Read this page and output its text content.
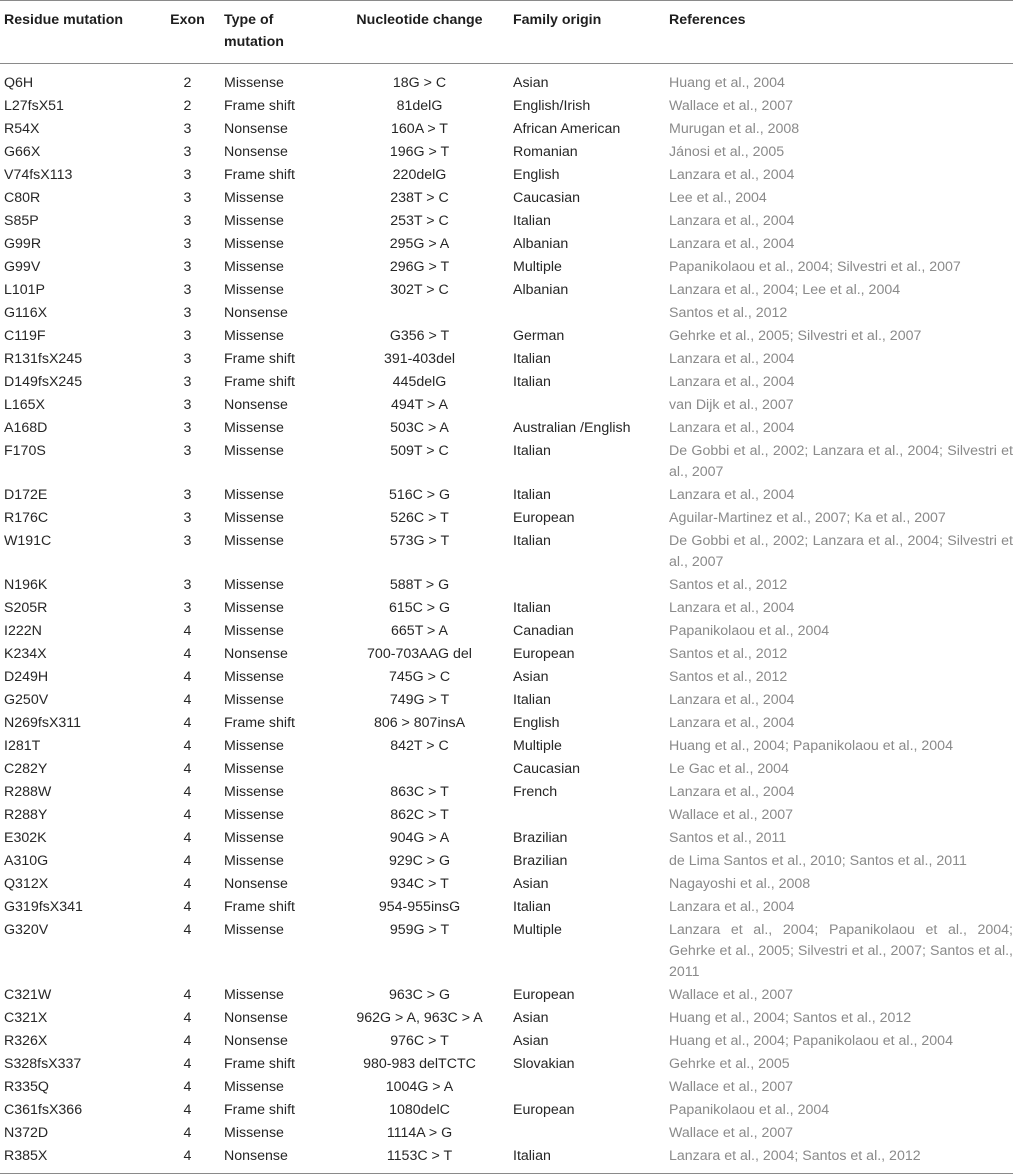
Residue mutation	Exon	Type of mutation	Nucleotide change	Family origin	References
Q6H	2	Missense	18G > C	Asian	Huang et al., 2004
L27fsX51	2	Frame shift	81delG	English/Irish	Wallace et al., 2007
R54X	3	Nonsense	160A > T	African American	Murugan et al., 2008
G66X	3	Nonsense	196G > T	Romanian	Jánosi et al., 2005
V74fsX113	3	Frame shift	220delG	English	Lanzara et al., 2004
C80R	3	Missense	238T > C	Caucasian	Lee et al., 2004
S85P	3	Missense	253T > C	Italian	Lanzara et al., 2004
G99R	3	Missense	295G > A	Albanian	Lanzara et al., 2004
G99V	3	Missense	296G > T	Multiple	Papanikolaou et al., 2004; Silvestri et al., 2007
L101P	3	Missense	302T > C	Albanian	Lanzara et al., 2004; Lee et al., 2004
G116X	3	Nonsense			Santos et al., 2012
C119F	3	Missense	G356 > T	German	Gehrke et al., 2005; Silvestri et al., 2007
R131fsX245	3	Frame shift	391-403del	Italian	Lanzara et al., 2004
D149fsX245	3	Frame shift	445delG	Italian	Lanzara et al., 2004
L165X	3	Nonsense	494T > A		van Dijk et al., 2007
A168D	3	Missense	503C > A	Australian /English	Lanzara et al., 2004
F170S	3	Missense	509T > C	Italian	De Gobbi et al., 2002; Lanzara et al., 2004; Silvestri et al., 2007
D172E	3	Missense	516C > G	Italian	Lanzara et al., 2004
R176C	3	Missense	526C > T	European	Aguilar-Martinez et al., 2007; Ka et al., 2007
W191C	3	Missense	573G > T	Italian	De Gobbi et al., 2002; Lanzara et al., 2004; Silvestri et al., 2007
N196K	3	Missense	588T > G		Santos et al., 2012
S205R	3	Missense	615C > G	Italian	Lanzara et al., 2004
I222N	4	Missense	665T > A	Canadian	Papanikolaou et al., 2004
K234X	4	Nonsense	700-703AAG del	European	Santos et al., 2012
D249H	4	Missense	745G > C	Asian	Santos et al., 2012
G250V	4	Missense	749G > T	Italian	Lanzara et al., 2004
N269fsX311	4	Frame shift	806 > 807insA	English	Lanzara et al., 2004
I281T	4	Missense	842T > C	Multiple	Huang et al., 2004; Papanikolaou et al., 2004
C282Y	4	Missense		Caucasian	Le Gac et al., 2004
R288W	4	Missense	863C > T	French	Lanzara et al., 2004
R288Y	4	Missense	862C > T		Wallace et al., 2007
E302K	4	Missense	904G > A	Brazilian	Santos et al., 2011
A310G	4	Missense	929C > G	Brazilian	de Lima Santos et al., 2010; Santos et al., 2011
Q312X	4	Nonsense	934C > T	Asian	Nagayoshi et al., 2008
G319fsX341	4	Frame shift	954-955insG	Italian	Lanzara et al., 2004
G320V	4	Missense	959G > T	Multiple	Lanzara et al., 2004; Papanikolaou et al., 2004; Gehrke et al., 2005; Silvestri et al., 2007; Santos et al., 2011
C321W	4	Missense	963C > G	European	Wallace et al., 2007
C321X	4	Nonsense	962G > A, 963C > A	Asian	Huang et al., 2004; Santos et al., 2012
R326X	4	Nonsense	976C > T	Asian	Huang et al., 2004; Papanikolaou et al., 2004
S328fsX337	4	Frame shift	980-983 delTCTC	Slovakian	Gehrke et al., 2005
R335Q	4	Missense	1004G > A		Wallace et al., 2007
C361fsX366	4	Frame shift	1080delC	European	Papanikolaou et al., 2004
N372D	4	Missense	1114A > G		Wallace et al., 2007
R385X	4	Nonsense	1153C > T	Italian	Lanzara et al., 2004; Santos et al., 2012
